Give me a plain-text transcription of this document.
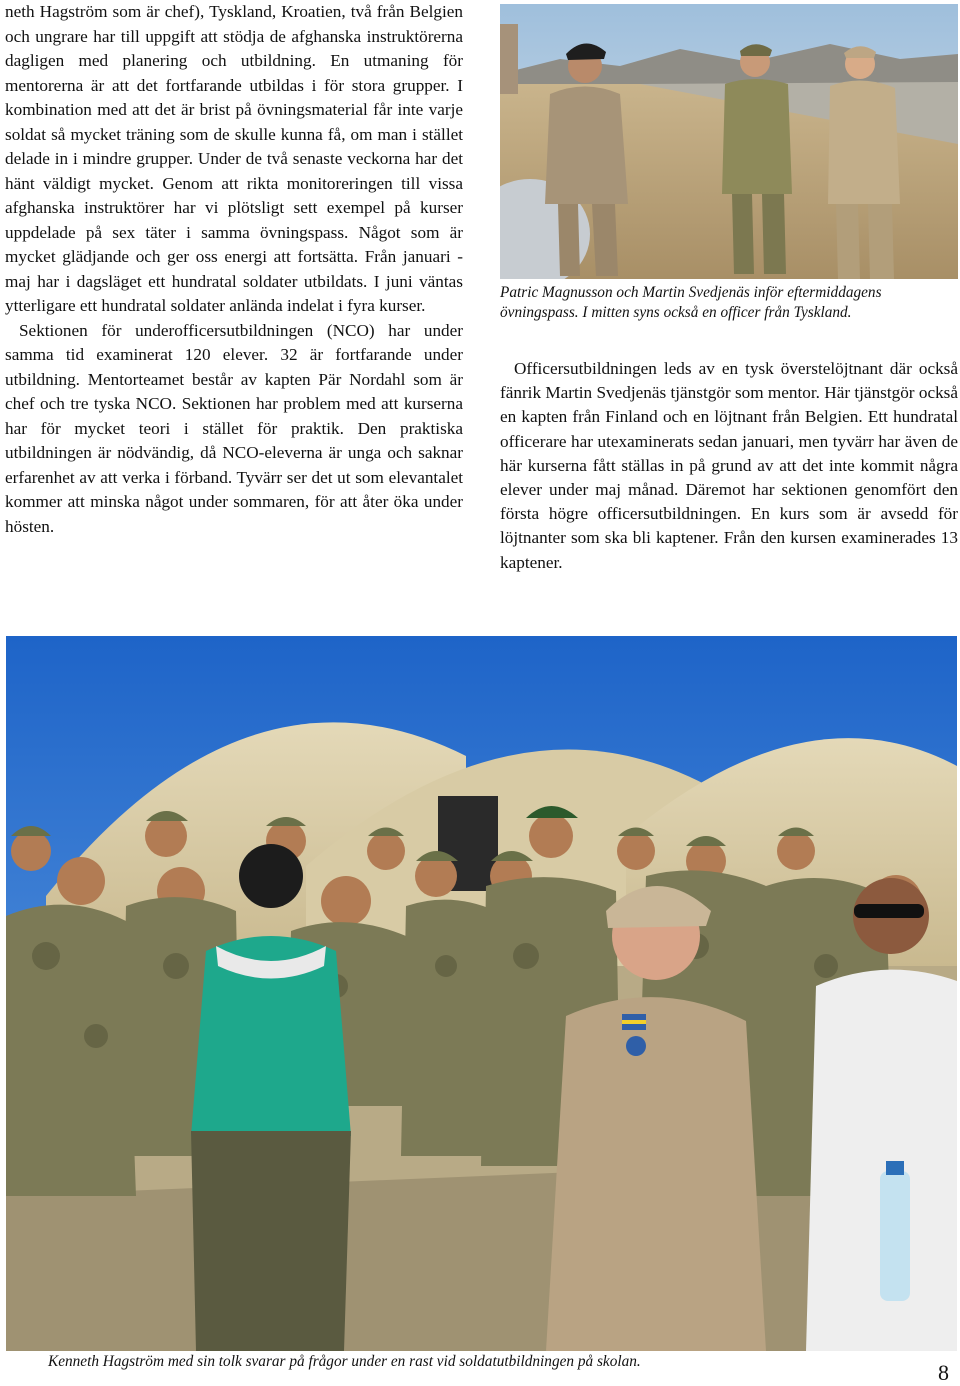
neth Hagström som är chef), Tyskland, Kroatien, två från Belgien och ungrare har till uppgift att stödja de afghanska instruktörerna dagligen med planering och utbildning. En utmaning för mentorerna är att det fortfarande utbildas i för stora grupper. I kombination med att det är brist på övningsmaterial får inte varje soldat så mycket träning som de skulle kunna få, om man i stället delade in i mindre grupper. Under de två senaste veckorna har det hänt väldigt mycket. Genom att rikta monitoreringen till vissa afghanska instruktörer har vi plötsligt sett exempel på kurser uppdelade på sex täter i samma övningspass. Något som är mycket glädjande och ger oss energi att fortsätta. Från januari - maj har i dagsläget ett hundratal soldater utbildats. I juni väntas ytterligare ett hundratal soldater anlända indelat i fyra kurser.

Sektionen för underofficersutbildningen (NCO) har under samma tid examinerat 120 elever. 32 är fortfarande under utbildning. Mentorteamet består av kapten Pär Nordahl som är chef och tre tyska NCO. Sektionen har problem med att kurserna har för mycket teori i stället för praktik. Den praktiska utbildningen är nödvändig, då NCO-eleverna är unga och saknar erfarenhet av att verka i förband. Tyvärr ser det ut som elevantalet kommer att minska något under sommaren, för att åter öka under hösten.

Patric Magnusson och Martin Svedjenäs inför eftermiddagens övningspass. I mitten syns också en officer från Tyskland.

Officersutbildningen leds av en tysk överstelöjtnant där också fänrik Martin Svedjenäs tjänstgör som mentor. Här tjänstgör också en kapten från Finland och en löjtnant från Belgien. Ett hundratal officerare har utexaminerats sedan januari, men tyvärr har även de här kurserna fått ställas in på grund av att det inte kommit några elever under maj månad. Däremot har sektionen genomfört den första högre officersutbildningen. En kurs som är avsedd för löjtnanter som ska bli kaptener. Från den kursen examinerades 13 kaptener.

Kenneth Hagström med sin tolk svarar på frågor under en rast vid soldatutbildningen på skolan.	8
